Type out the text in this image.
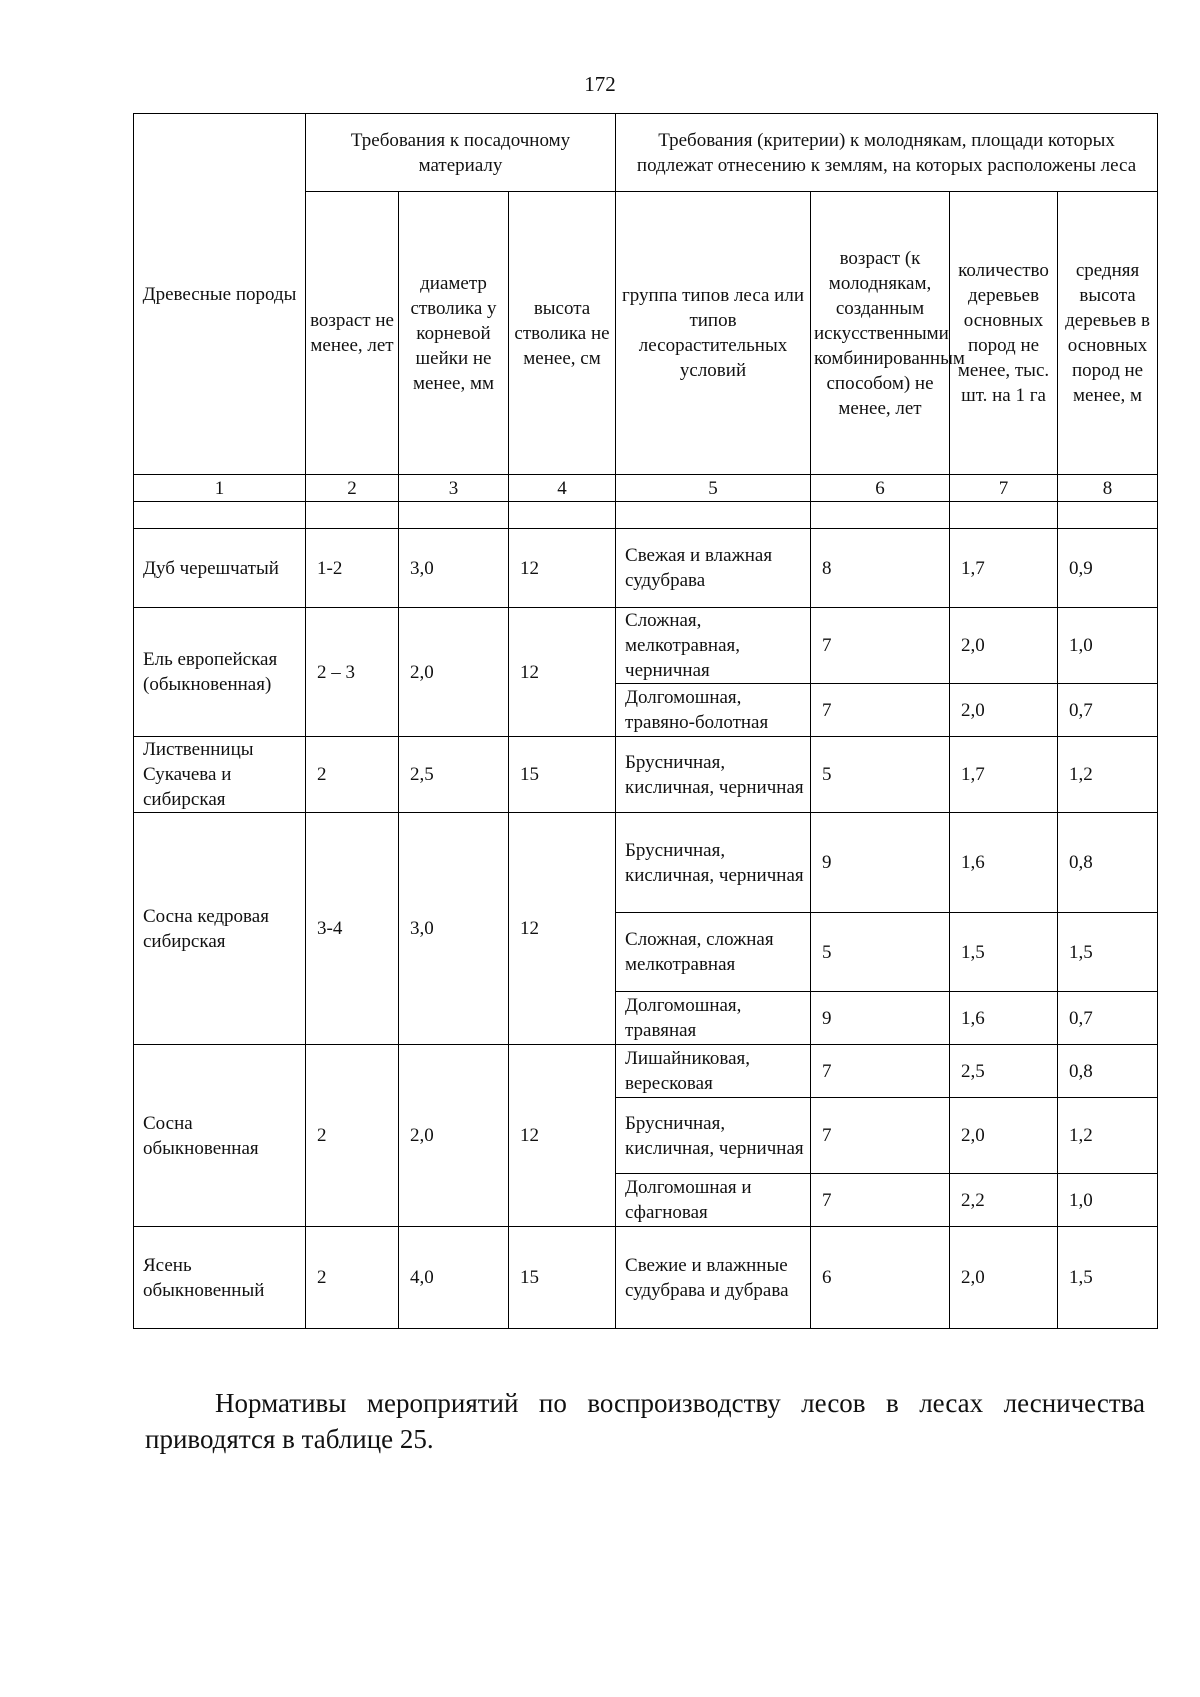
172
Древесные породы	Требования к посадочному материалу			Требования (критерии) к молоднякам, площади которых подлежат отнесению к землям, на которых расположены леса			
	возраст не менее, лет	диаметр стволика у корневой шейки не менее, мм	высота стволика не менее, см	группа типов леса или типов лесорастительных условий	возраст (к молоднякам, созданным искусственными комбинированным способом) не менее, лет	количество деревьев основных пород не менее, тыс. шт. на 1 га	средняя высота деревьев в основных пород не менее, м
1	2	3	4	5	6	7	8

Дуб черешчатый	1-2	3,0	12	Свежая и влажная судубрава	8	1,7	0,9
Ель европейская (обыкновенная)	2 – 3	2,0	12	Сложная, мелкотравная, черничная	7	2,0	1,0
				Долгомошная, травяно-болотная	7	2,0	0,7
Лиственницы Сукачева и сибирская	2	2,5	15	Брусничная, кисличная, черничная	5	1,7	1,2
Сосна кедровая сибирская	3-4	3,0	12	Брусничная, кисличная, черничная	9	1,6	0,8
				Сложная, сложная мелкотравная	5	1,5	1,5
				Долгомошная, травяная	9	1,6	0,7
Сосна обыкновенная	2	2,0	12	Лишайниковая, вересковая	7	2,5	0,8
				Брусничная, кисличная, черничная	7	2,0	1,2
				Долгомошная и сфагновая	7	2,2	1,0
Ясень обыкновенный	2	4,0	15	Свежие и влажнные судубрава и дубрава	6	2,0	1,5
Нормативы мероприятий по воспроизводству лесов в лесах лесничества приводятся в таблице 25.
